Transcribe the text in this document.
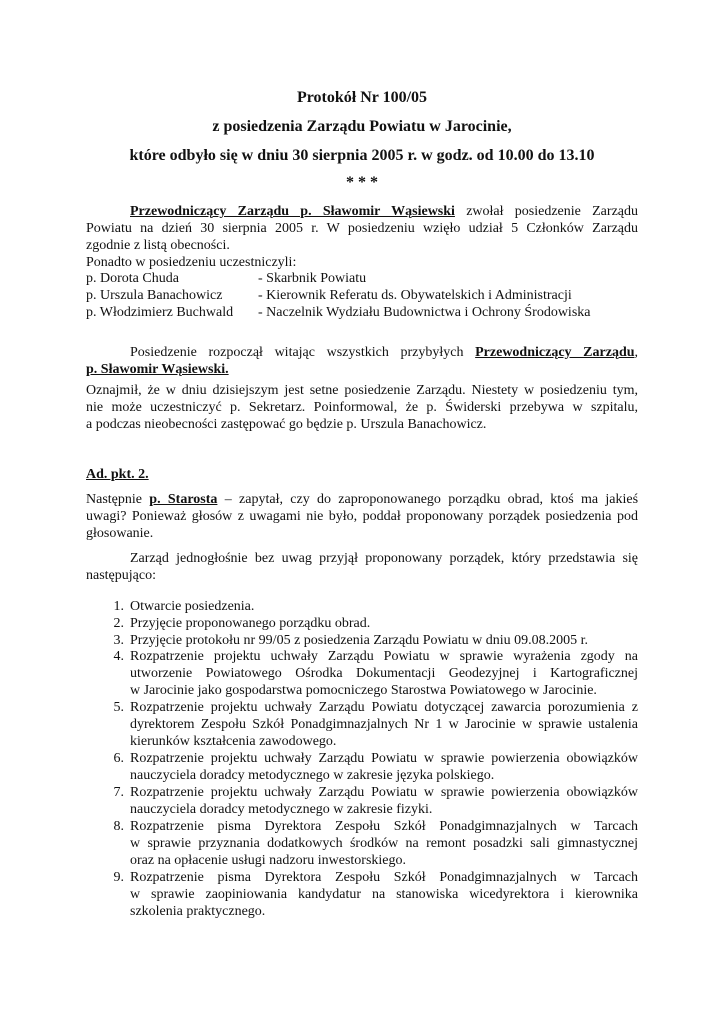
Protokół Nr 100/05

z posiedzenia Zarządu Powiatu w Jarocinie,

które odbyło się w dniu 30 sierpnia 2005 r. w godz. od 10.00 do 13.10

* * *

Przewodniczący Zarządu p. Sławomir Wąsiewski zwołał posiedzenie Zarządu

Powiatu na dzień 30 sierpnia 2005 r. W posiedzeniu wzięło udział 5 Członków Zarządu

zgodnie z listą obecności.

Ponadto w posiedzeniu uczestniczyli:

p. Dorota Chuda	- Skarbnik Powiatu

p. Urszula Banachowicz	- Kierownik Referatu ds. Obywatelskich i Administracji

p. Włodzimierz Buchwald - Naczelnik Wydziału Budownictwa i Ochrony Środowiska

Posiedzenie rozpoczął witając wszystkich przybyłych Przewodniczący Zarządu,

p. Sławomir Wąsiewski.

Oznajmił, że w dniu dzisiejszym jest setne posiedzenie Zarządu. Niestety w posiedzeniu tym,

nie może uczestniczyć p. Sekretarz. Poinformowal, że p. Świderski przebywa w szpitalu,

a podczas nieobecności zastępować go będzie p. Urszula Banachowicz.

Ad. pkt. 2.

Następnie p. Starosta – zapytał, czy do zaproponowanego porządku obrad, ktoś ma jakieś

uwagi? Ponieważ głosów z uwagami nie było, poddał proponowany porządek posiedzenia pod

głosowanie.

Zarząd jednogłośnie bez uwag przyjął proponowany porządek, który przedstawia się

następująco:

1. Otwarcie posiedzenia.

2. Przyjęcie proponowanego porządku obrad.

3. Przyjęcie protokołu nr 99/05 z posiedzenia Zarządu Powiatu w dniu 09.08.2005 r.

4. Rozpatrzenie projektu uchwały Zarządu Powiatu w sprawie wyrażenia zgody na

utworzenie Powiatowego Ośrodka Dokumentacji Geodezyjnej i Kartograficznej

w Jarocinie jako gospodarstwa pomocniczego Starostwa Powiatowego w Jarocinie.

5. Rozpatrzenie projektu uchwały Zarządu Powiatu dotyczącej zawarcia porozumienia z

dyrektorem Zespołu Szkół Ponadgimnazjalnych Nr 1 w Jarocinie w sprawie ustalenia

kierunków kształcenia zawodowego.

6. Rozpatrzenie projektu uchwały Zarządu Powiatu w sprawie powierzenia obowiązków

nauczyciela doradcy metodycznego w zakresie języka polskiego.

7. Rozpatrzenie projektu uchwały Zarządu Powiatu w sprawie powierzenia obowiązków

nauczyciela doradcy metodycznego w zakresie fizyki.

8. Rozpatrzenie pisma Dyrektora Zespołu Szkół Ponadgimnazjalnych w Tarcach

w sprawie przyznania dodatkowych środków na remont posadzki sali gimnastycznej

oraz na opłacenie usługi nadzoru inwestorskiego.

9. Rozpatrzenie pisma Dyrektora Zespołu Szkół Ponadgimnazjalnych w Tarcach

w sprawie zaopiniowania kandydatur na stanowiska wicedyrektora i kierownika

szkolenia praktycznego.
